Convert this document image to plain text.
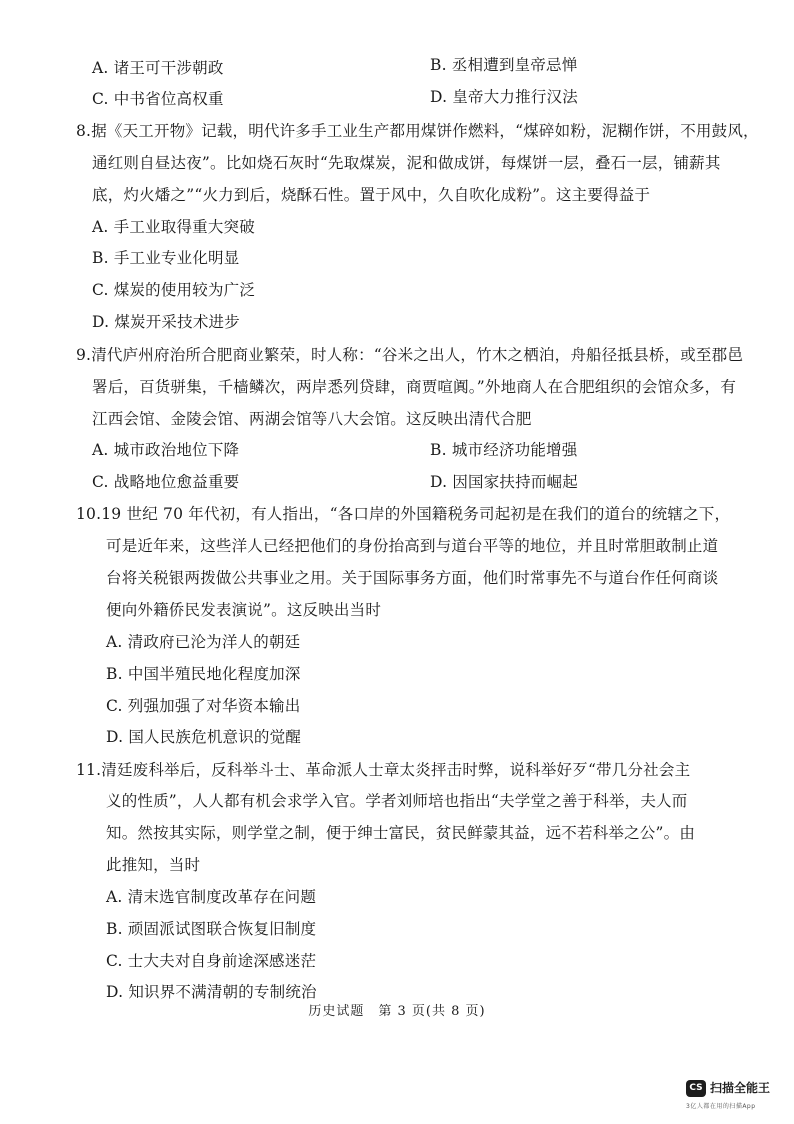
A. 诸王可干涉朝政	B. 丞相遭到皇帝忌惮
C. 中书省位高权重	D. 皇帝大力推行汉法
8.据《天工开物》记载，明代许多手工业生产都用煤饼作燃料，“煤碎如粉，泥糊作饼，不用鼓风，
通红则自昼达夜”。比如烧石灰时“先取煤炭，泥和做成饼，每煤饼一层，叠石一层，铺薪其
底，灼火燔之”“火力到后，烧酥石性。置于风中，久自吹化成粉”。这主要得益于
A. 手工业取得重大突破
B. 手工业专业化明显
C. 煤炭的使用较为广泛
D. 煤炭开采技术进步
9.清代庐州府治所合肥商业繁荣，时人称：“谷米之出人，竹木之栖泊，舟船径抵县桥，或至郡邑
署后，百货骈集，千樯鳞次，两岸悉列贷肆，商贾喧阗。”外地商人在合肥组织的会馆众多，有
江西会馆、金陵会馆、两湖会馆等八大会馆。这反映出清代合肥
A. 城市政治地位下降	B. 城市经济功能增强
C. 战略地位愈益重要	D. 因国家扶持而崛起
10.19 世纪 70 年代初，有人指出，“各口岸的外国籍税务司起初是在我们的道台的统辖之下，
可是近年来，这些洋人已经把他们的身份抬高到与道台平等的地位，并且时常胆敢制止道
台将关税银两拨做公共事业之用。关于国际事务方面，他们时常事先不与道台作任何商谈
便向外籍侨民发表演说”。这反映出当时
A. 清政府已沦为洋人的朝廷
B. 中国半殖民地化程度加深
C. 列强加强了对华资本输出
D. 国人民族危机意识的觉醒
11.清廷废科举后，反科举斗士、革命派人士章太炎抨击时弊，说科举好歹“带几分社会主
义的性质”，人人都有机会求学入官。学者刘师培也指出“夫学堂之善于科举，夫人而
知。然按其实际，则学堂之制，便于绅士富民，贫民鲜蒙其益，远不若科举之公”。由
此推知，当时
A. 清末选官制度改革存在问题
B. 顽固派试图联合恢复旧制度
C. 士大夫对自身前途深感迷茫
D. 知识界不满清朝的专制统治
历史试题　第 3 页(共 8 页)
CS 扫描全能王
3亿人都在用的扫描App
